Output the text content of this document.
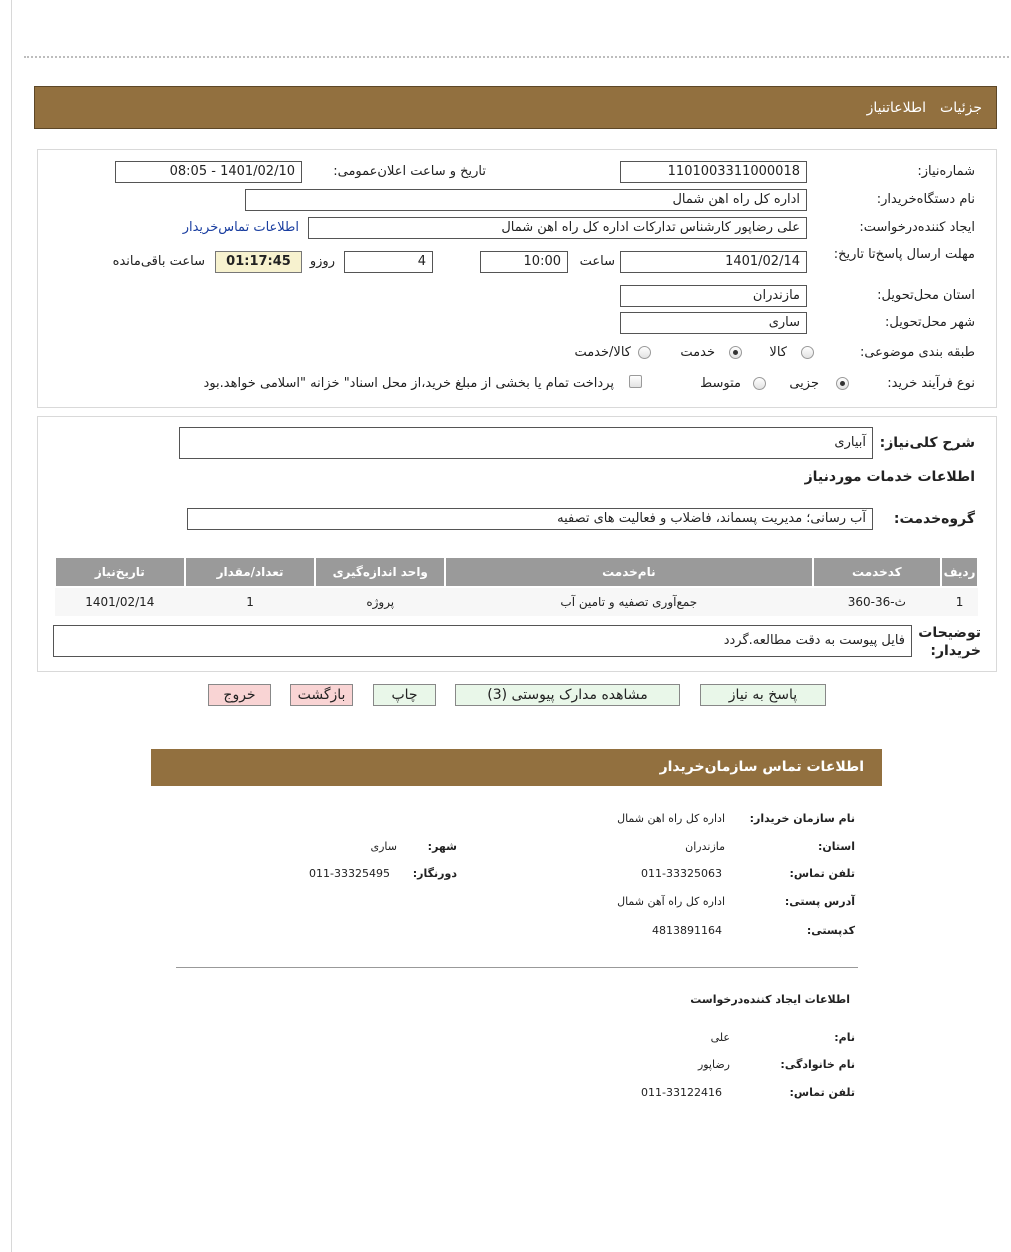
جزئیات
اطلاعاتنیاز
شماره‌نیاز:
1101003311000018
تاریخ و ساعت اعلان‌عمومی:
1401/02/10 - 08:05
نام دستگاه‌خریدار:
اداره کل راه اهن شمال
ایجاد کننده‌درخواست:
علی رضاپور کارشناس تدارکات اداره کل راه اهن شمال
اطلاعات تماس‌خریدار
مهلت ارسال پاسخ‌تا تاریخ:
1401/02/14
ساعت
10:00
4
روزو
01:17:45
ساعت باقی‌مانده
استان محل‌تحویل:
مازندران
شهر محل‌تحویل:
ساری
طبقه بندی موضوعی:
کالا
خدمت
کالا/خدمت
نوع فرآیند خرید:
جزیی
متوسط
پرداخت تمام یا بخشی از مبلغ خرید،از محل اسناد" خزانه "اسلامی خواهد.بود
شرح کلی‌نیاز:
آبیاری
اطلاعات خدمات موردنیاز
گروه‌خدمت:
آب رسانی؛ مدیریت پسماند، فاضلاب و فعالیت های تصفیه
ردیف	کدخدمت	نام‌خدمت	واحد اندازه‌گیری	تعداد/مقدار	تاریخ‌نیاز
1	ث-36-360	جمع‌آوری تصفیه و تامین آب	پروژه	1	1401/02/14
توضیحات خریدار:
فایل پیوست به دقت مطالعه.گردد
پاسخ به نیاز
مشاهده مدارک پیوستی (3)
چاپ
بازگشت
خروج
اطلاعات تماس سازمان‌خریدار
نام سازمان خریدار:
اداره کل راه اهن شمال
استان:
مازندران
شهر:
ساری
تلفن تماس:
011-33325063
دورنگار:
011-33325495
آدرس پستی:
اداره کل راه آهن شمال
کدپستی:
4813891164
اطلاعات ایجاد کننده‌درخواست
نام:
علی
نام خانوادگی:
رضاپور
تلفن تماس:
011-33122416
